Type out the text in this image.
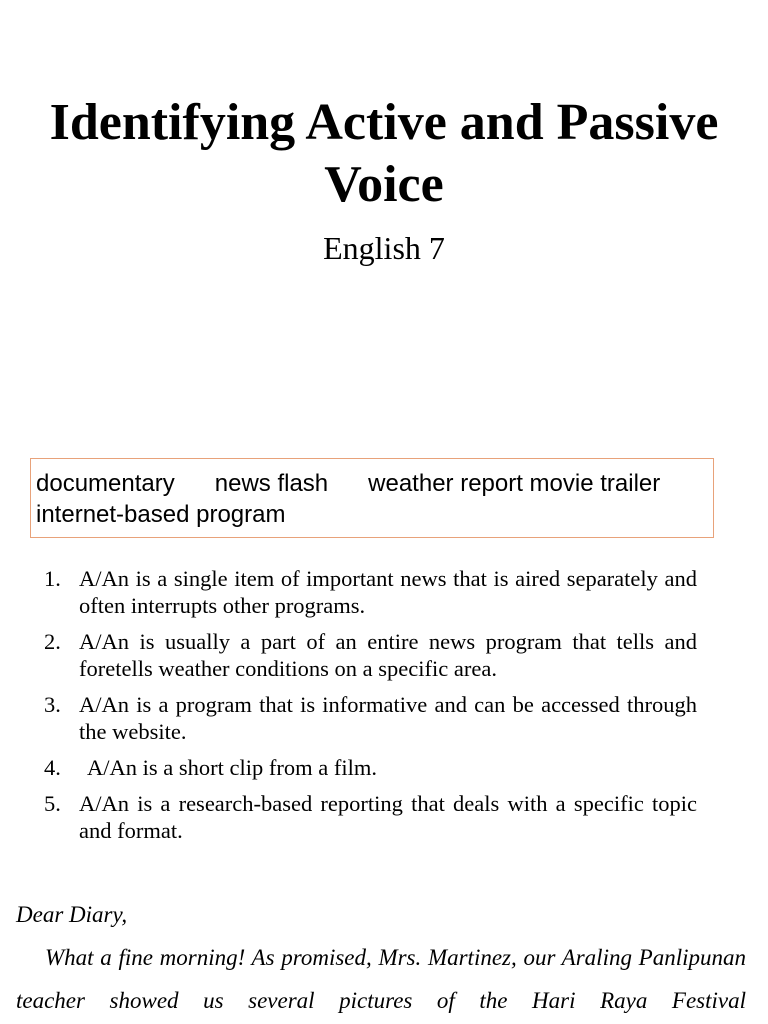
Identifying Active and Passive Voice
English 7
documentary      news flash      weather report movie trailer          internet-based program
1. A/An is a single item of important news that is aired separately and often interrupts other programs.
2. A/An is usually a part of an entire news program that tells and foretells weather conditions on a specific area.
3. A/An is a program that is informative and can be accessed through the website.
4.	A/An is a short clip from a film.
5. A/An is a research-based reporting that deals with a specific topic and format.

Dear Diary,

What a fine morning! As promised, Mrs. Martinez, our Araling Panlipunan teacher showed us several pictures of the Hari Raya Festival
